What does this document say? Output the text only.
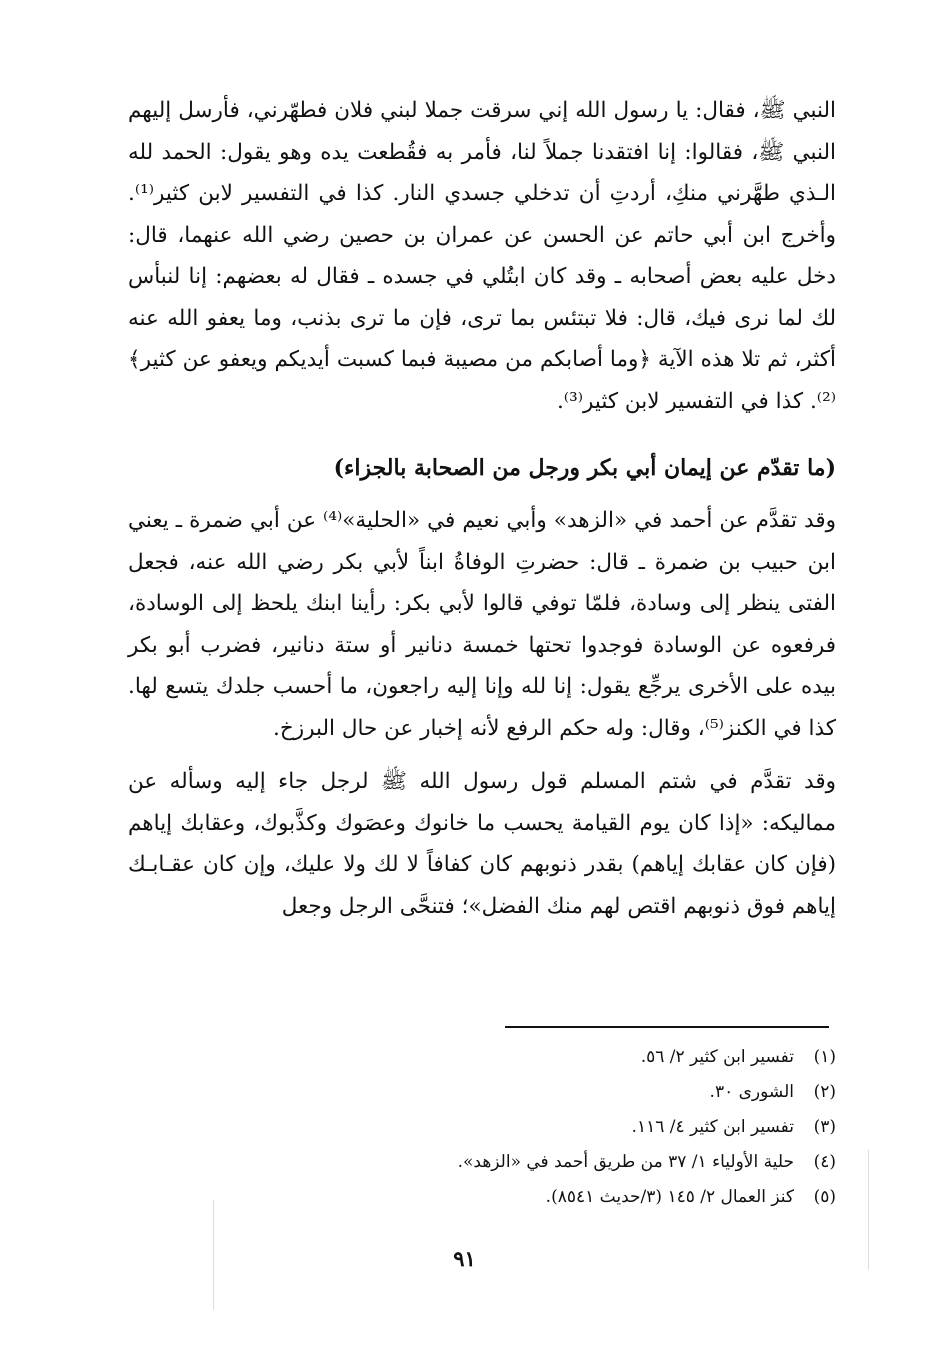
النبي ﷺ، فقال: يا رسول الله إني سرقت جملا لبني فلان فطهّرني، فأرسل إليهم النبي ﷺ، فقالوا: إنا افتقدنا جملاً لنا، فأمر به فقُطعت يده وهو يقول: الحمد لله الـذي طهَّرني منكِ، أردتِ أن تدخلي جسدي النار. كذا في التفسير لابن كثير⁽¹⁾. وأخرج ابن أبي حاتم عن الحسن عن عمران بن حصين رضي الله عنهما، قال: دخل عليه بعض أصحابه ـ وقد كان ابتُلي في جسده ـ فقال له بعضهم: إنا لنبأس لك لما نرى فيك، قال: فلا تبتئس بما ترى، فإن ما ترى بذنب، وما يعفو الله عنه أكثر، ثم تلا هذه الآية ﴿وما أصابكم من مصيبة فبما كسبت أيديكم ويعفو عن كثير﴾⁽²⁾. كذا في التفسير لابن كثير⁽³⁾.

(ما تقدّم عن إيمان أبي بكر ورجل من الصحابة بالجزاء)

وقد تقدَّم عن أحمد في «الزهد» وأبي نعيم في «الحلية»⁽⁴⁾ عن أبي ضمرة ـ يعني ابن حبيب بن ضمرة ـ قال: حضرتِ الوفاةُ ابناً لأبي بكر رضي الله عنه، فجعل الفتى ينظر إلى وسادة، فلمّا توفي قالوا لأبي بكر: رأينا ابنك يلحظ إلى الوسادة، فرفعوه عن الوسادة فوجدوا تحتها خمسة دنانير أو ستة دنانير، فضرب أبو بكر بيده على الأخرى يرجِّع يقول: إنا لله وإنا إليه راجعون، ما أحسب جلدك يتسع لها. كذا في الكنز⁽⁵⁾، وقال: وله حكم الرفع لأنه إخبار عن حال البرزخ.

وقد تقدَّم في شتم المسلم قول رسول الله ﷺ لرجل جاء إليه وسأله عن مماليكه: «إذا كان يوم القيامة يحسب ما خانوك وعصَوك وكذَّبوك، وعقابك إياهم (فإن كان عقابك إياهم) بقدر ذنوبهم كان كفافاً لا لك ولا عليك، وإن كان عقـابـك إياهم فوق ذنوبهم اقتص لهم منك الفضل»؛ فتنحَّى الرجل وجعل

(١)
تفسير ابن كثير ٢/ ٥٦.
(٢)
الشورى ٣٠.
(٣)
تفسير ابن كثير ٤/ ١١٦.
(٤)
حلية الأولياء ١/ ٣٧ من طريق أحمد في «الزهد».
(٥)
كنز العمال ٢/ ١٤٥ (٣/حديث ٨٥٤١).
٩١
